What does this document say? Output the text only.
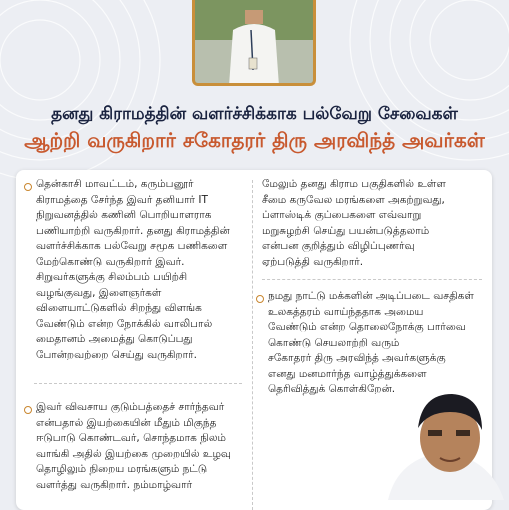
தனது கிராமத்தின் வளர்ச்சிக்காக பல்வேறு சேவைகள்
ஆற்றி வருகிறார் சகோதரர் திரு அரவிந்த் அவர்கள்
தென்காசி மாவட்டம், கரும்பனூர்
கிராமத்தை சேர்ந்த இவர் தனியார் IT
நிறுவனத்தில் கணினி பொறியாளராக
பணியாற்றி வருகிறார். தனது கிராமத்தின்
வளர்ச்சிக்காக பல்வேறு சமூக பணிகளை
மேற்கொண்டு வருகிறார் இவர்.
சிறுவர்களுக்கு சிலம்பம் பயிற்சி
வழங்குவது, இளைஞர்கள்
விளையாட்டுகளில் சிறந்து விளங்க
வேண்டும் என்ற நோக்கில் வாலிபால்
மைதானம் அமைத்து கொடுப்பது
போன்றவற்றை செய்து வருகிறார்.
இவர் விவசாய குடும்பத்தைச் சார்ந்தவர்
என்பதால் இயற்கையின் மீதும் மிகுந்த
ஈடுபாடு கொண்டவர், சொந்தமாக நிலம்
வாங்கி அதில் இயற்கை முறையில் உழவு
தொழிலும் நிறைய மரங்களும் நட்டு
வளர்த்து வருகிறார். நம்மாழ்வார்
மேலும் தனது கிராம பகுதிகளில் உள்ள
சீமை கருவேல மரங்களை அகற்றுவது,
ப்ளாஸ்டிக் குப்பைகளை எவ்வாறு
மறுசுழற்சி செய்து பயன்படுத்தலாம்
என்பன குறித்தும் விழிப்புணர்வு
ஏற்படுத்தி வருகிறார்.
நமது நாட்டு மக்களின் அடிப்படை வசதிகள்
உலகத்தரம் வாய்ந்ததாக அமைய
வேண்டும் என்ற தொலைநோக்கு பார்வை
கொண்டு செயலாற்றி வரும்
சகோதரர் திரு அரவிந்த் அவர்களுக்கு
எனது மனமார்ந்த வாழ்த்துக்களை
தெரிவித்துக் கொள்கிறேன்.
